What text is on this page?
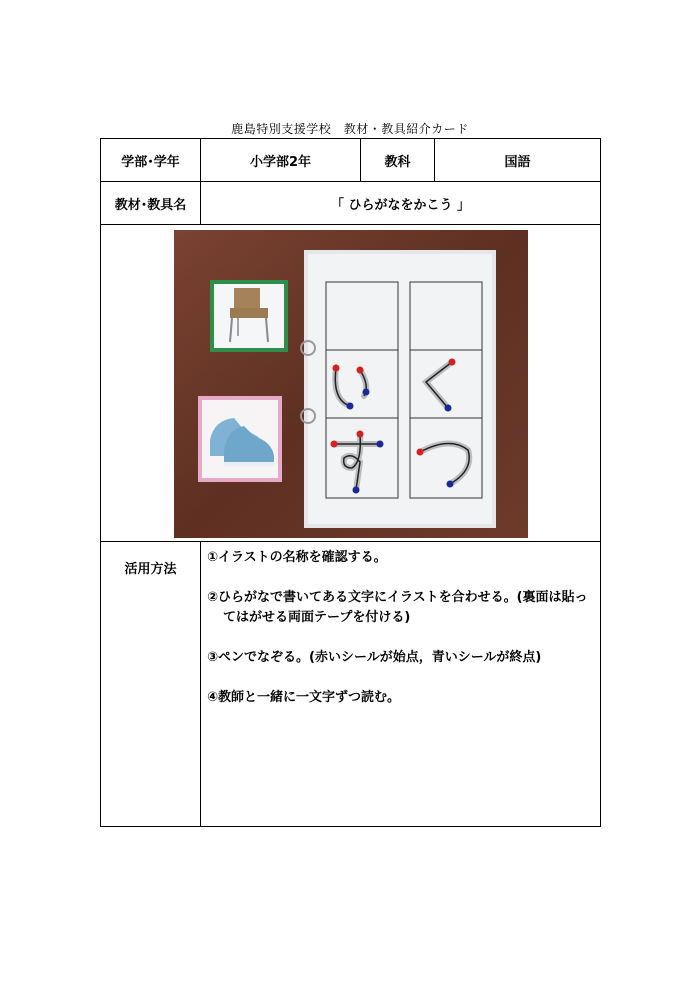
鹿島特別支援学校　教材・教具紹介カード
学部･学年	小学部2年	教科	国語
教材･教具名	「 ひらがなをかこう 」		

活用方法	①イラストの名称を確認する。
②ひらがなで書いてある文字にイラストを合わせる。(裏面は貼っ
てはがせる両面テープを付ける)
③ペンでなぞる。(赤いシールが始点，青いシールが終点)
④教師と一緒に一文字ずつ読む。		
